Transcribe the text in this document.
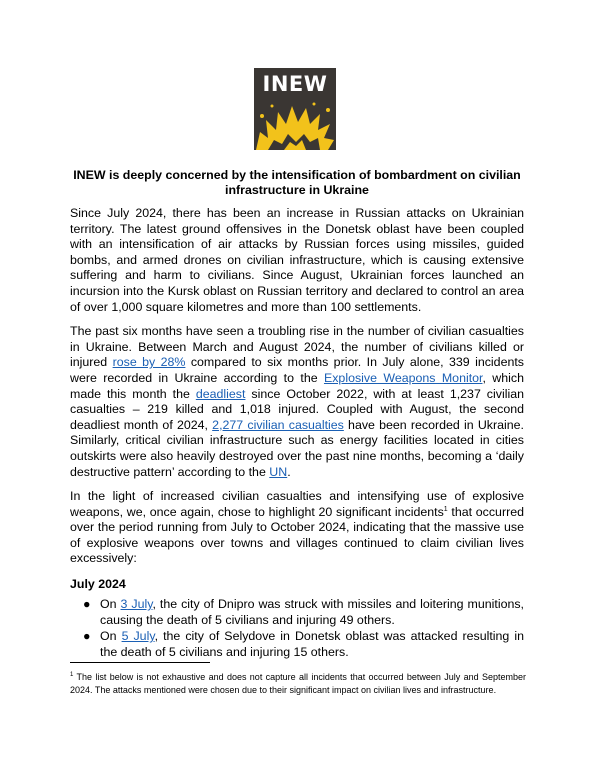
INEW
INEW is deeply concerned by the intensification of bombardment on civilian infrastructure in Ukraine

Since July 2024, there has been an increase in Russian attacks on Ukrainian territory. The latest ground offensives in the Donetsk oblast have been coupled with an intensification of air attacks by Russian forces using missiles, guided bombs, and armed drones on civilian infrastructure, which is causing extensive suffering and harm to civilians. Since August, Ukrainian forces launched an incursion into the Kursk oblast on Russian territory and declared to control an area of over 1,000 square kilometres and more than 100 settlements.

The past six months have seen a troubling rise in the number of civilian casualties in Ukraine. Between March and August 2024, the number of civilians killed or injured rose by 28% compared to six months prior. In July alone, 339 incidents were recorded in Ukraine according to the Explosive Weapons Monitor, which made this month the deadliest since October 2022, with at least 1,237 civilian casualties – 219 killed and 1,018 injured. Coupled with August, the second deadliest month of 2024, 2,277 civilian casualties have been recorded in Ukraine. Similarly, critical civilian infrastructure such as energy facilities located in cities outskirts were also heavily destroyed over the past nine months, becoming a ‘daily destructive pattern’ according to the UN.

In the light of increased civilian casualties and intensifying use of explosive weapons, we, once again, chose to highlight 20 significant incidents$^1$ that occurred over the period running from July to October 2024, indicating that the massive use of explosive weapons over towns and villages continued to claim civilian lives excessively:

July 2024
● On 3 July, the city of Dnipro was struck with missiles and loitering munitions, causing the death of 5 civilians and injuring 49 others.
● On 5 July, the city of Selydove in Donetsk oblast was attacked resulting in the death of 5 civilians and injuring 15 others.
$^1$ The list below is not exhaustive and does not capture all incidents that occurred between July and September 2024. The attacks mentioned were chosen due to their significant impact on civilian lives and infrastructure.
